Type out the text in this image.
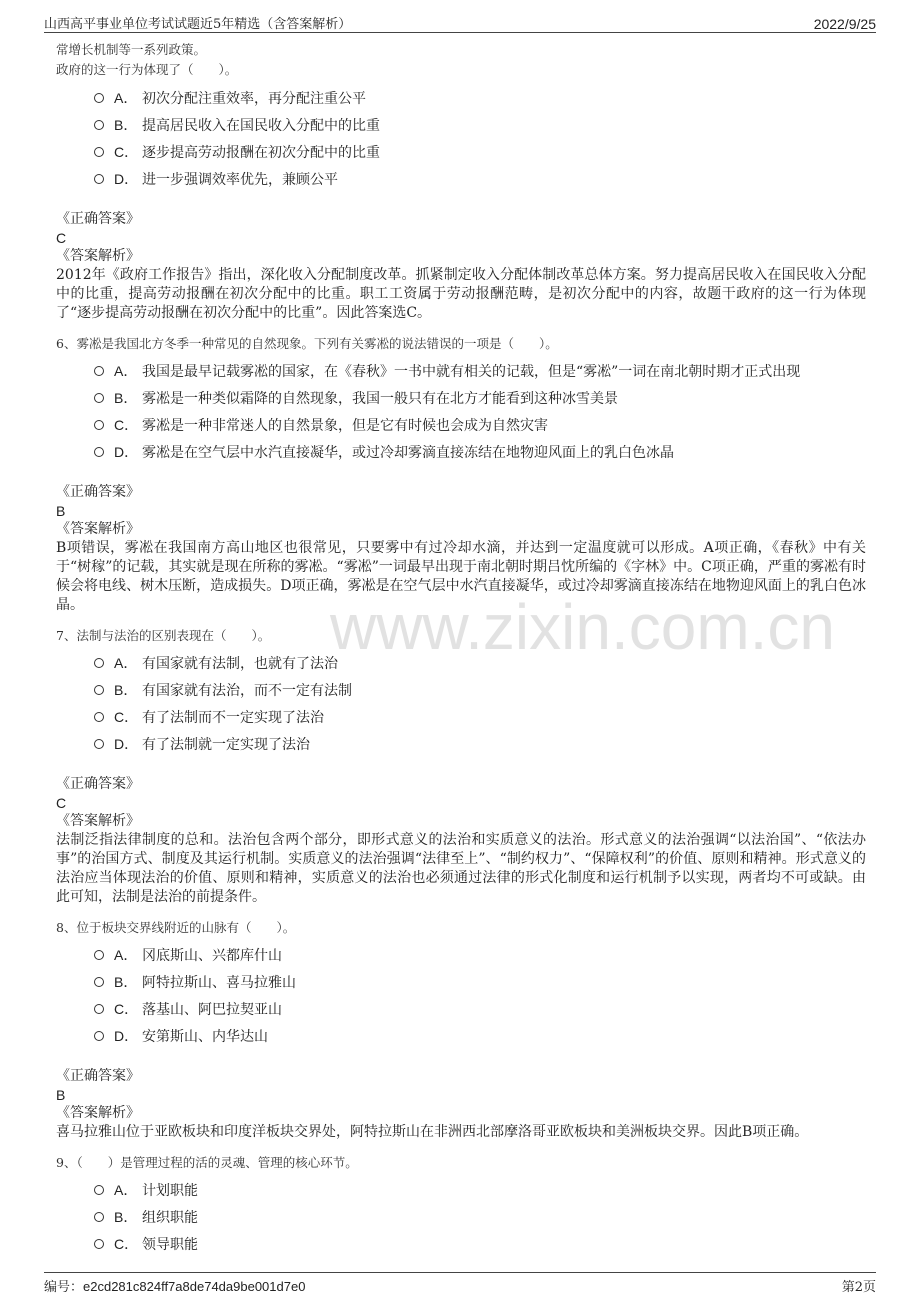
山西高平事业单位考试试题近5年精选（含答案解析）	2022/9/25
www.zixin.com.cn
常增长机制等一系列政策。
政府的这一行为体现了（　　）。
A． 初次分配注重效率，再分配注重公平
B． 提高居民收入在国民收入分配中的比重
C． 逐步提高劳动报酬在初次分配中的比重
D． 进一步强调效率优先，兼顾公平
《正确答案》
C
《答案解析》
2012年《政府工作报告》指出，深化收入分配制度改革。抓紧制定收入分配体制改革总体方案。努力提高居民收入在国民收入分配中的比重，提高劳动报酬在初次分配中的比重。职工工资属于劳动报酬范畴，是初次分配中的内容，故题干政府的这一行为体现了“逐步提高劳动报酬在初次分配中的比重”。因此答案选C。
6、雾凇是我国北方冬季一种常见的自然现象。下列有关雾凇的说法错误的一项是（　　）。
A． 我国是最早记载雾凇的国家，在《春秋》一书中就有相关的记载，但是“雾凇”一词在南北朝时期才正式出现
B． 雾凇是一种类似霜降的自然现象，我国一般只有在北方才能看到这种冰雪美景
C． 雾凇是一种非常迷人的自然景象，但是它有时候也会成为自然灾害
D． 雾凇是在空气层中水汽直接凝华，或过冷却雾滴直接冻结在地物迎风面上的乳白色冰晶
《正确答案》
B
《答案解析》
B项错误，雾凇在我国南方高山地区也很常见，只要雾中有过冷却水滴，并达到一定温度就可以形成。A项正确，《春秋》中有关于“树稼”的记载，其实就是现在所称的雾凇。“雾凇”一词最早出现于南北朝时期吕忱所编的《字林》中。C项正确，严重的雾凇有时候会将电线、树木压断，造成损失。D项正确，雾凇是在空气层中水汽直接凝华，或过冷却雾滴直接冻结在地物迎风面上的乳白色冰晶。
7、法制与法治的区别表现在（　　）。
A． 有国家就有法制，也就有了法治
B． 有国家就有法治，而不一定有法制
C． 有了法制而不一定实现了法治
D． 有了法制就一定实现了法治
《正确答案》
C
《答案解析》
法制泛指法律制度的总和。法治包含两个部分，即形式意义的法治和实质意义的法治。形式意义的法治强调“以法治国”、“依法办事”的治国方式、制度及其运行机制。实质意义的法治强调“法律至上”、“制约权力”、“保障权利”的价值、原则和精神。形式意义的法治应当体现法治的价值、原则和精神，实质意义的法治也必须通过法律的形式化制度和运行机制予以实现，两者均不可或缺。由此可知，法制是法治的前提条件。
8、位于板块交界线附近的山脉有（　　）。
A． 冈底斯山、兴都库什山
B． 阿特拉斯山、喜马拉雅山
C． 落基山、阿巴拉契亚山
D． 安第斯山、内华达山
《正确答案》
B
《答案解析》
喜马拉雅山位于亚欧板块和印度洋板块交界处，阿特拉斯山在非洲西北部摩洛哥亚欧板块和美洲板块交界。因此B项正确。
9、（　　）是管理过程的活的灵魂、管理的核心环节。
A． 计划职能
B． 组织职能
C． 领导职能
编号：e2cd281c824ff7a8de74da9be001d7e0	第2页
